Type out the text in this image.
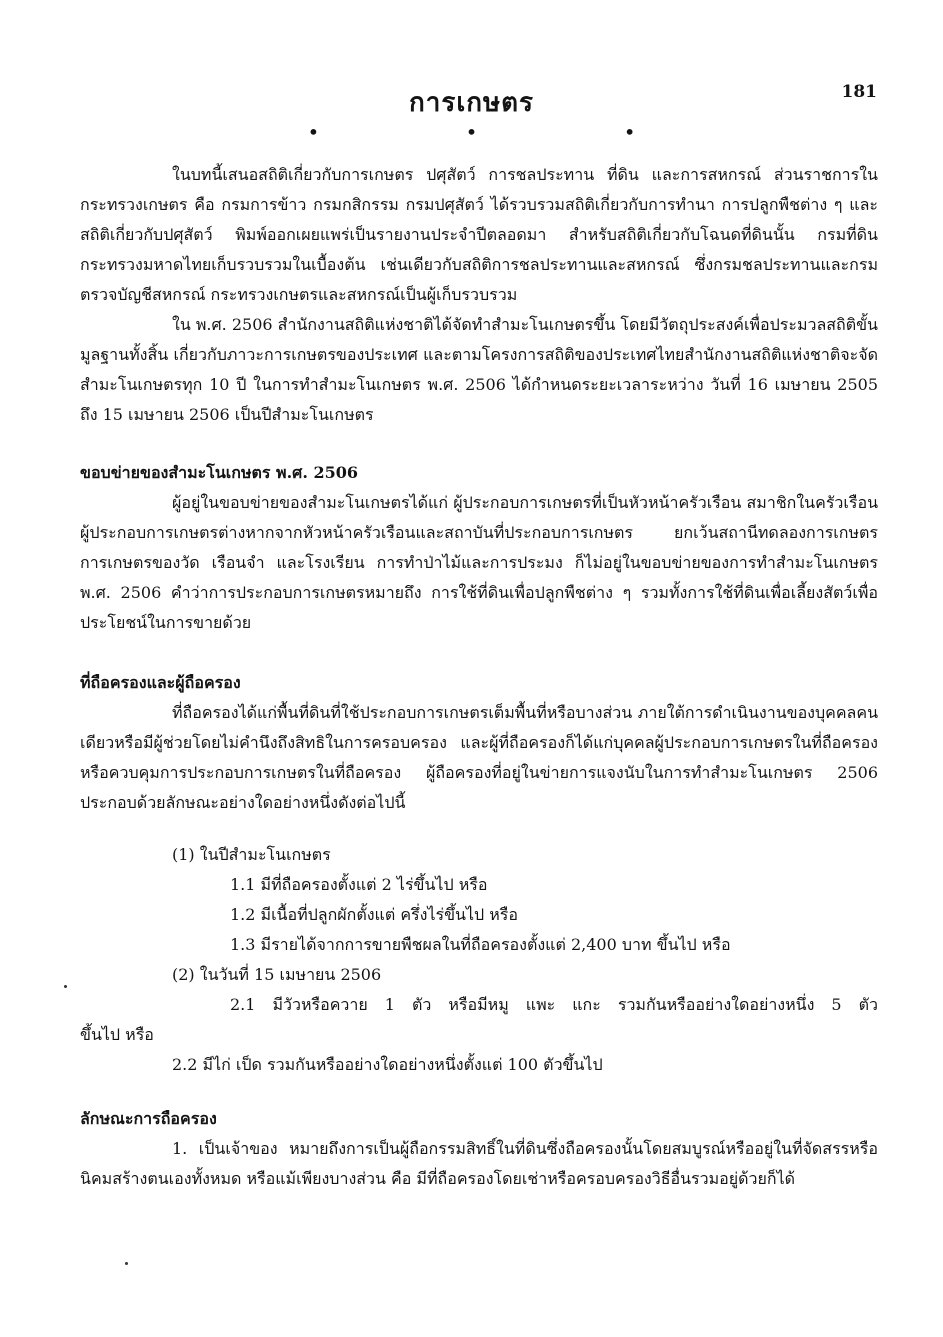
การเกษตร	181
• • •

ในบทนี้เสนอสถิติเกี่ยวกับการเกษตร ปศุสัตว์ การชลประทาน ที่ดิน และการสหกรณ์ ส่วนราชการในกระทรวงเกษตร คือ กรมการข้าว กรมกสิกรรม กรมปศุสัตว์ ได้รวบรวมสถิติเกี่ยวกับการทำนา การปลูกพืชต่าง ๆ และสถิติเกี่ยวกับปศุสัตว์ พิมพ์ออกเผยแพร่เป็นรายงานประจำปีตลอดมา สำหรับสถิติเกี่ยวกับโฉนดที่ดินนั้น กรมที่ดิน กระทรวงมหาดไทยเก็บรวบรวมในเบื้องต้น เช่นเดียวกับสถิติการชลประทานและสหกรณ์ ซึ่งกรมชลประทานและกรมตรวจบัญชีสหกรณ์ กระทรวงเกษตรและสหกรณ์เป็นผู้เก็บรวบรวม

ใน พ.ศ. 2506 สำนักงานสถิติแห่งชาติได้จัดทำสำมะโนเกษตรขึ้น โดยมีวัตถุประสงค์เพื่อประมวลสถิติขั้นมูลฐานทั้งสิ้น เกี่ยวกับภาวะการเกษตรของประเทศ และตามโครงการสถิติของประเทศไทยสำนักงานสถิติแห่งชาติจะจัดสำมะโนเกษตรทุก 10 ปี ในการทำสำมะโนเกษตร พ.ศ. 2506 ได้กำหนดระยะเวลาระหว่าง วันที่ 16 เมษายน 2505 ถึง 15 เมษายน 2506 เป็นปีสำมะโนเกษตร

ขอบข่ายของสำมะโนเกษตร พ.ศ. 2506

ผู้อยู่ในขอบข่ายของสำมะโนเกษตรได้แก่ ผู้ประกอบการเกษตรที่เป็นหัวหน้าครัวเรือน สมาชิกในครัวเรือนผู้ประกอบการเกษตรต่างหากจากหัวหน้าครัวเรือนและสถาบันที่ประกอบการเกษตร ยกเว้นสถานีทดลองการเกษตร การเกษตรของวัด เรือนจำ และโรงเรียน การทำป่าไม้และการประมง ก็ไม่อยู่ในขอบข่ายของการทำสำมะโนเกษตร พ.ศ. 2506 คำว่าการประกอบการเกษตรหมายถึง การใช้ที่ดินเพื่อปลูกพืชต่าง ๆ รวมทั้งการใช้ที่ดินเพื่อเลี้ยงสัตว์เพื่อประโยชน์ในการขายด้วย

ที่ถือครองและผู้ถือครอง

ที่ถือครองได้แก่พื้นที่ดินที่ใช้ประกอบการเกษตรเต็มพื้นที่หรือบางส่วน ภายใต้การดำเนินงานของบุคคลคนเดียวหรือมีผู้ช่วยโดยไม่คำนึงถึงสิทธิในการครอบครอง และผู้ที่ถือครองก็ได้แก่บุคคลผู้ประกอบการเกษตรในที่ถือครองหรือควบคุมการประกอบการเกษตรในที่ถือครอง ผู้ถือครองที่อยู่ในข่ายการแจงนับในการทำสำมะโนเกษตร 2506 ประกอบด้วยลักษณะอย่างใดอย่างหนึ่งดังต่อไปนี้

(1) ในปีสำมะโนเกษตร
1.1 มีที่ถือครองตั้งแต่ 2 ไร่ขึ้นไป หรือ
1.2 มีเนื้อที่ปลูกผักตั้งแต่ ครึ่งไร่ขึ้นไป หรือ
1.3 มีรายได้จากการขายพืชผลในที่ถือครองตั้งแต่ 2,400 บาท ขึ้นไป หรือ
(2) ในวันที่ 15 เมษายน 2506
2.1 มีวัวหรือควาย 1 ตัว หรือมีหมู แพะ แกะ รวมกันหรืออย่างใดอย่างหนึ่ง 5 ตัว
ขึ้นไป หรือ
2.2 มีไก่ เป็ด รวมกันหรืออย่างใดอย่างหนึ่งตั้งแต่ 100 ตัวขึ้นไป
ลักษณะการถือครอง

1. เป็นเจ้าของ หมายถึงการเป็นผู้ถือกรรมสิทธิ์ในที่ดินซึ่งถือครองนั้นโดยสมบูรณ์หรืออยู่ในที่จัดสรรหรือนิคมสร้างตนเองทั้งหมด หรือแม้เพียงบางส่วน คือ มีที่ถือครองโดยเช่าหรือครอบครองวิธีอื่นรวมอยู่ด้วยก็ได้
